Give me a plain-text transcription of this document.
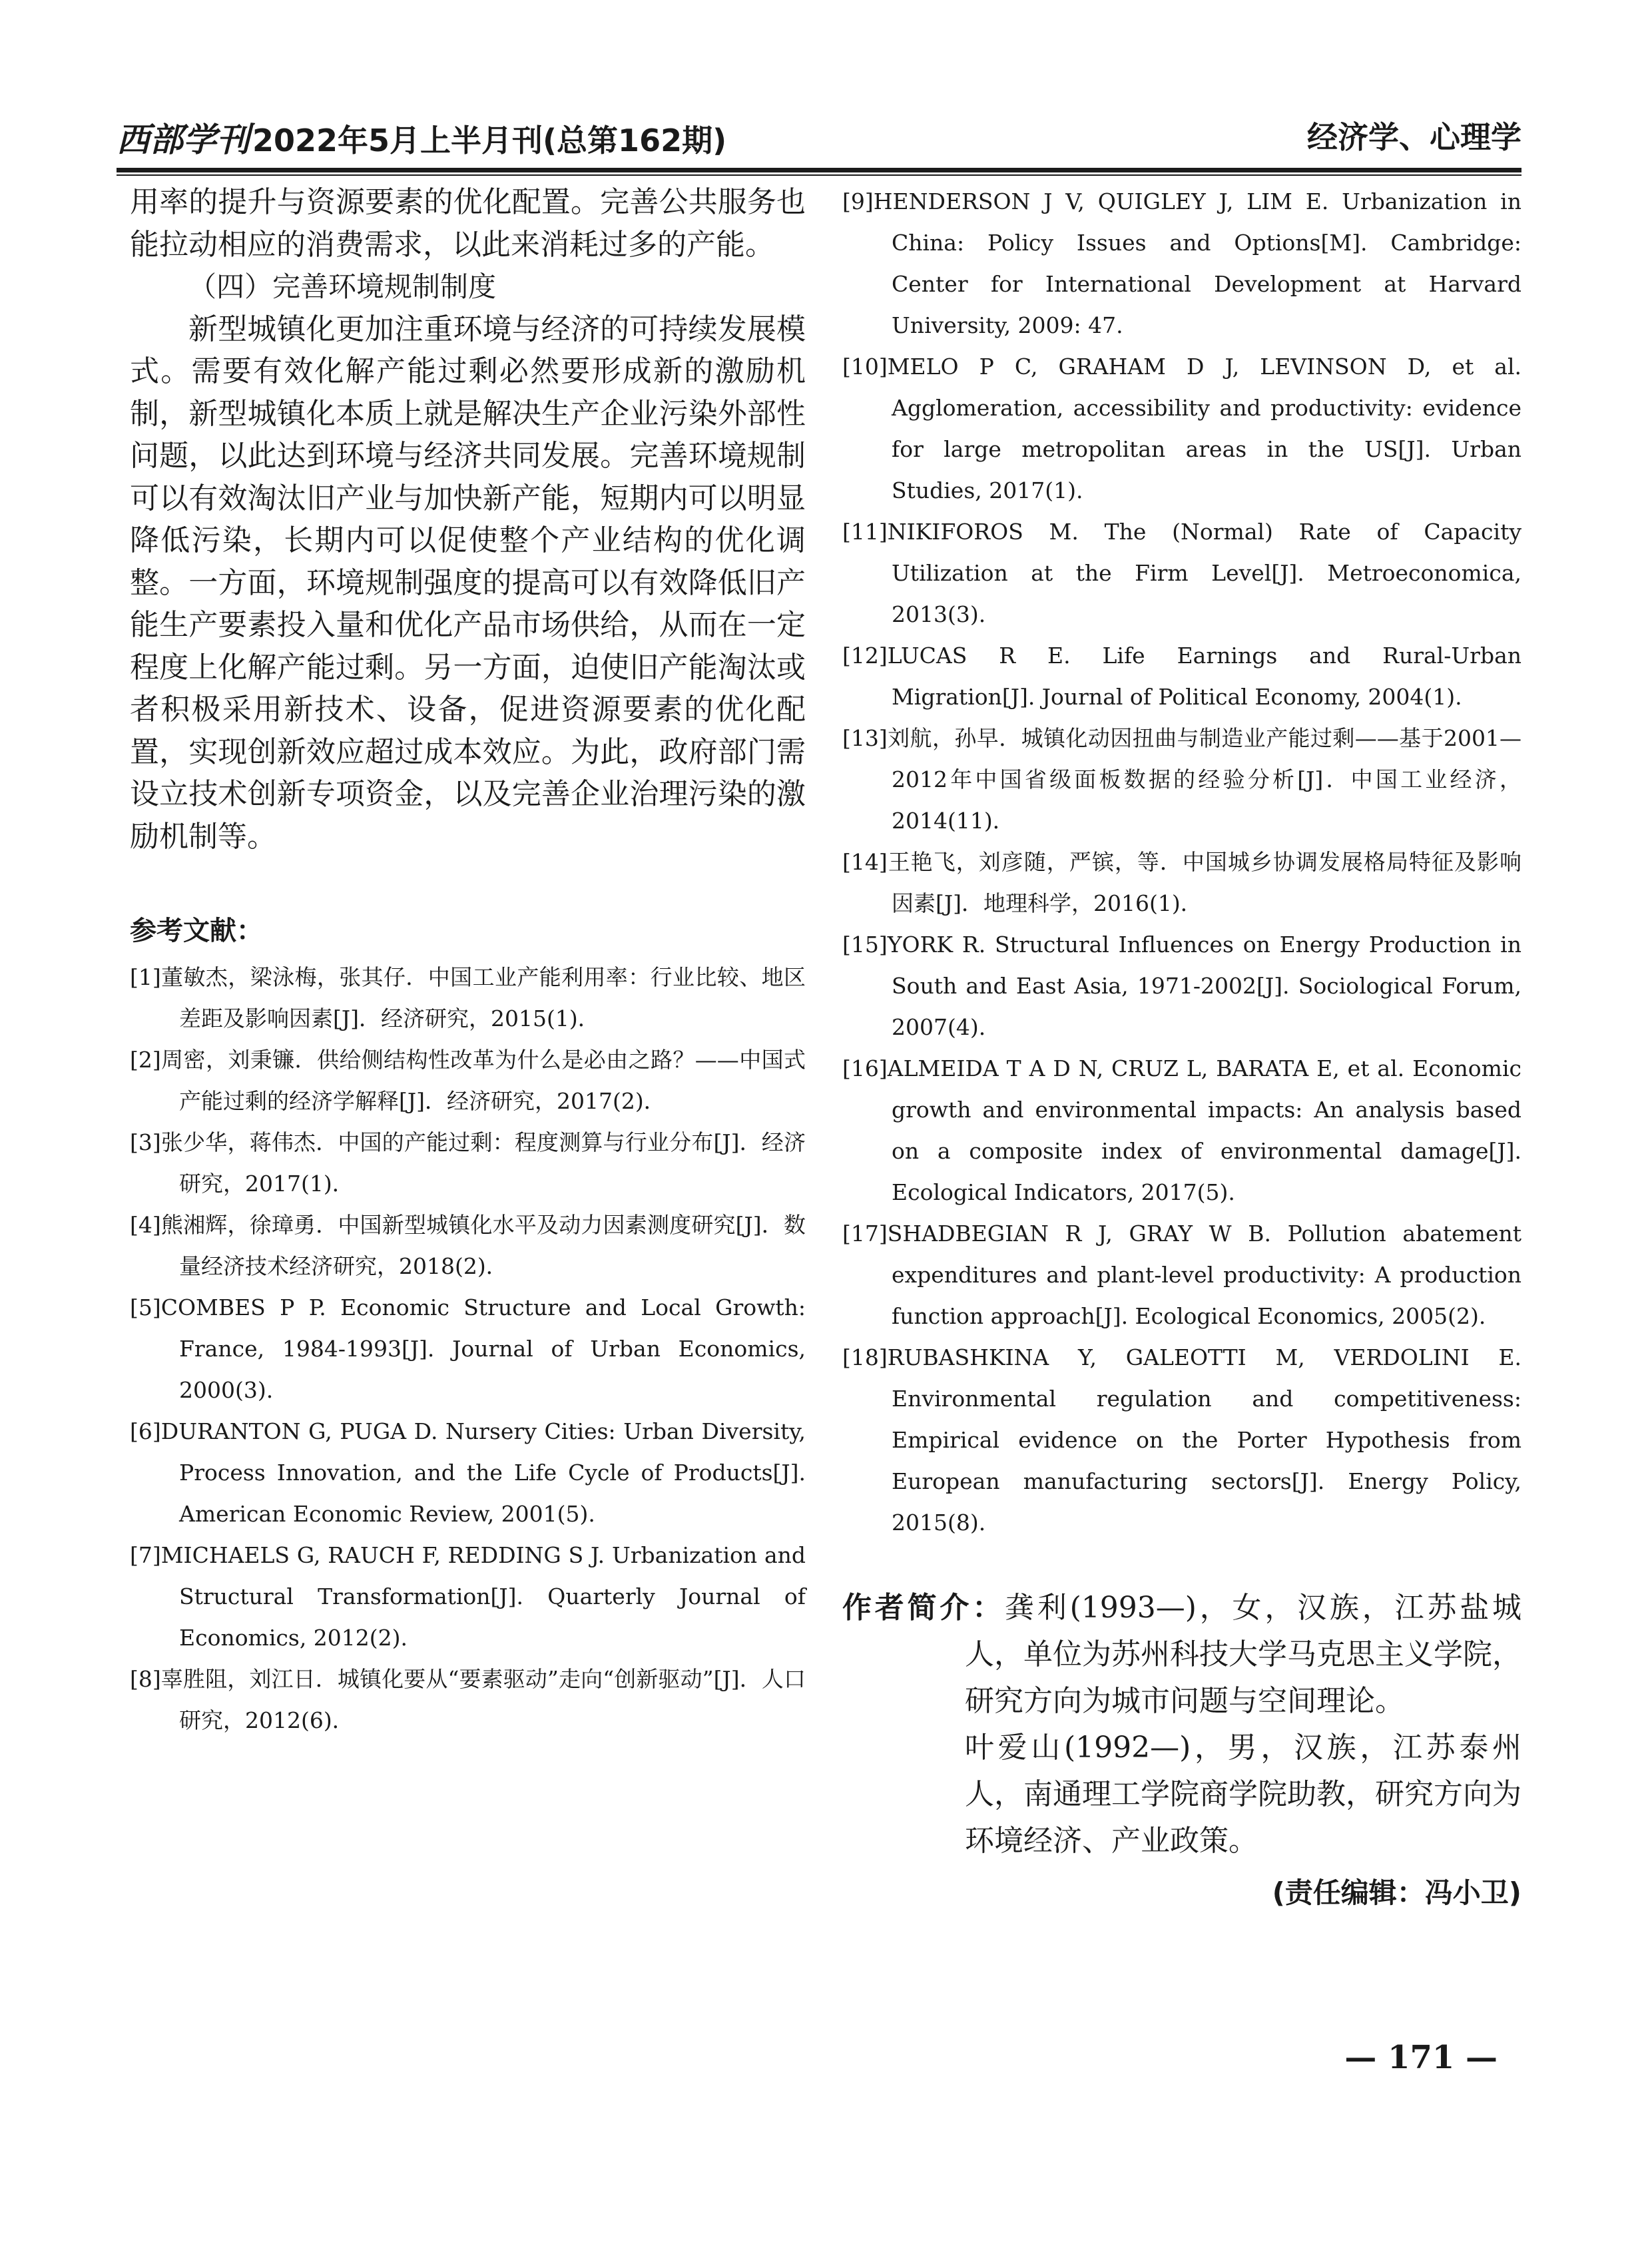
西部学刊2022年5月上半月刊(总第162期)	经济学、心理学

用率的提升与资源要素的优化配置。完善公共服务也能拉动相应的消费需求，以此来消耗过多的产能。

（四）完善环境规制制度

新型城镇化更加注重环境与经济的可持续发展模式。需要有效化解产能过剩必然要形成新的激励机制，新型城镇化本质上就是解决生产企业污染外部性问题，以此达到环境与经济共同发展。完善环境规制可以有效淘汰旧产业与加快新产能，短期内可以明显降低污染，长期内可以促使整个产业结构的优化调整。一方面，环境规制强度的提高可以有效降低旧产能生产要素投入量和优化产品市场供给，从而在一定程度上化解产能过剩。另一方面，迫使旧产能淘汰或者积极采用新技术、设备，促进资源要素的优化配置，实现创新效应超过成本效应。为此，政府部门需设立技术创新专项资金，以及完善企业治理污染的激励机制等。

参考文献：

[1]董敏杰，梁泳梅，张其仔．中国工业产能利用率：行业比较、地区差距及影响因素[J]．经济研究，2015(1)．

[2]周密，刘秉镰．供给侧结构性改革为什么是必由之路？——中国式产能过剩的经济学解释[J]．经济研究，2017(2)．

[3]张少华，蒋伟杰．中国的产能过剩：程度测算与行业分布[J]．经济研究，2017(1)．

[4]熊湘辉，徐璋勇．中国新型城镇化水平及动力因素测度研究[J]．数量经济技术经济研究，2018(2)．

[5]COMBES P P. Economic Structure and Local Growth: France, 1984-1993[J]. Journal of Urban Economics, 2000(3).

[6]DURANTON G, PUGA D. Nursery Cities: Urban Diversity, Process Innovation, and the Life Cycle of Products[J]. American Economic Review, 2001(5).

[7]MICHAELS G, RAUCH F, REDDING S J. Urbanization and Structural Transformation[J]. Quarterly Journal of Economics, 2012(2).

[8]辜胜阻，刘江日．城镇化要从“要素驱动”走向“创新驱动”[J]．人口研究，2012(6)．

[9]HENDERSON J V, QUIGLEY J, LIM E. Urbanization in China: Policy Issues and Options[M]. Cambridge: Center for International Development at Harvard University, 2009: 47.

[10]MELO P C, GRAHAM D J, LEVINSON D, et al. Agglomeration, accessibility and productivity: evidence for large metropolitan areas in the US[J]. Urban Studies, 2017(1).

[11]NIKIFOROS M. The (Normal) Rate of Capacity Utilization at the Firm Level[J]. Metroeconomica, 2013(3).

[12]LUCAS R E. Life Earnings and Rural-Urban Migration[J]. Journal of Political Economy, 2004(1).

[13]刘航，孙早．城镇化动因扭曲与制造业产能过剩——基于2001—2012年中国省级面板数据的经验分析[J]．中国工业经济，2014(11)．

[14]王艳飞，刘彦随，严镔，等．中国城乡协调发展格局特征及影响因素[J]．地理科学，2016(1)．

[15]YORK R. Structural Influences on Energy Production in South and East Asia, 1971-2002[J]. Sociological Forum, 2007(4).

[16]ALMEIDA T A D N, CRUZ L, BARATA E, et al. Economic growth and environmental impacts: An analysis based on a composite index of environmental damage[J]. Ecological Indicators, 2017(5).

[17]SHADBEGIAN R J, GRAY W B. Pollution abatement expenditures and plant-level productivity: A production function approach[J]. Ecological Economics, 2005(2).

[18]RUBASHKINA Y, GALEOTTI M, VERDOLINI E. Environmental regulation and competitiveness: Empirical evidence on the Porter Hypothesis from European manufacturing sectors[J]. Energy Policy, 2015(8).

作者简介：龚利(1993—)，女，汉族，江苏盐城人，单位为苏州科技大学马克思主义学院，研究方向为城市问题与空间理论。

叶爱山(1992—)，男，汉族，江苏泰州人，南通理工学院商学院助教，研究方向为环境经济、产业政策。

(责任编辑：冯小卫)
— 171 —
